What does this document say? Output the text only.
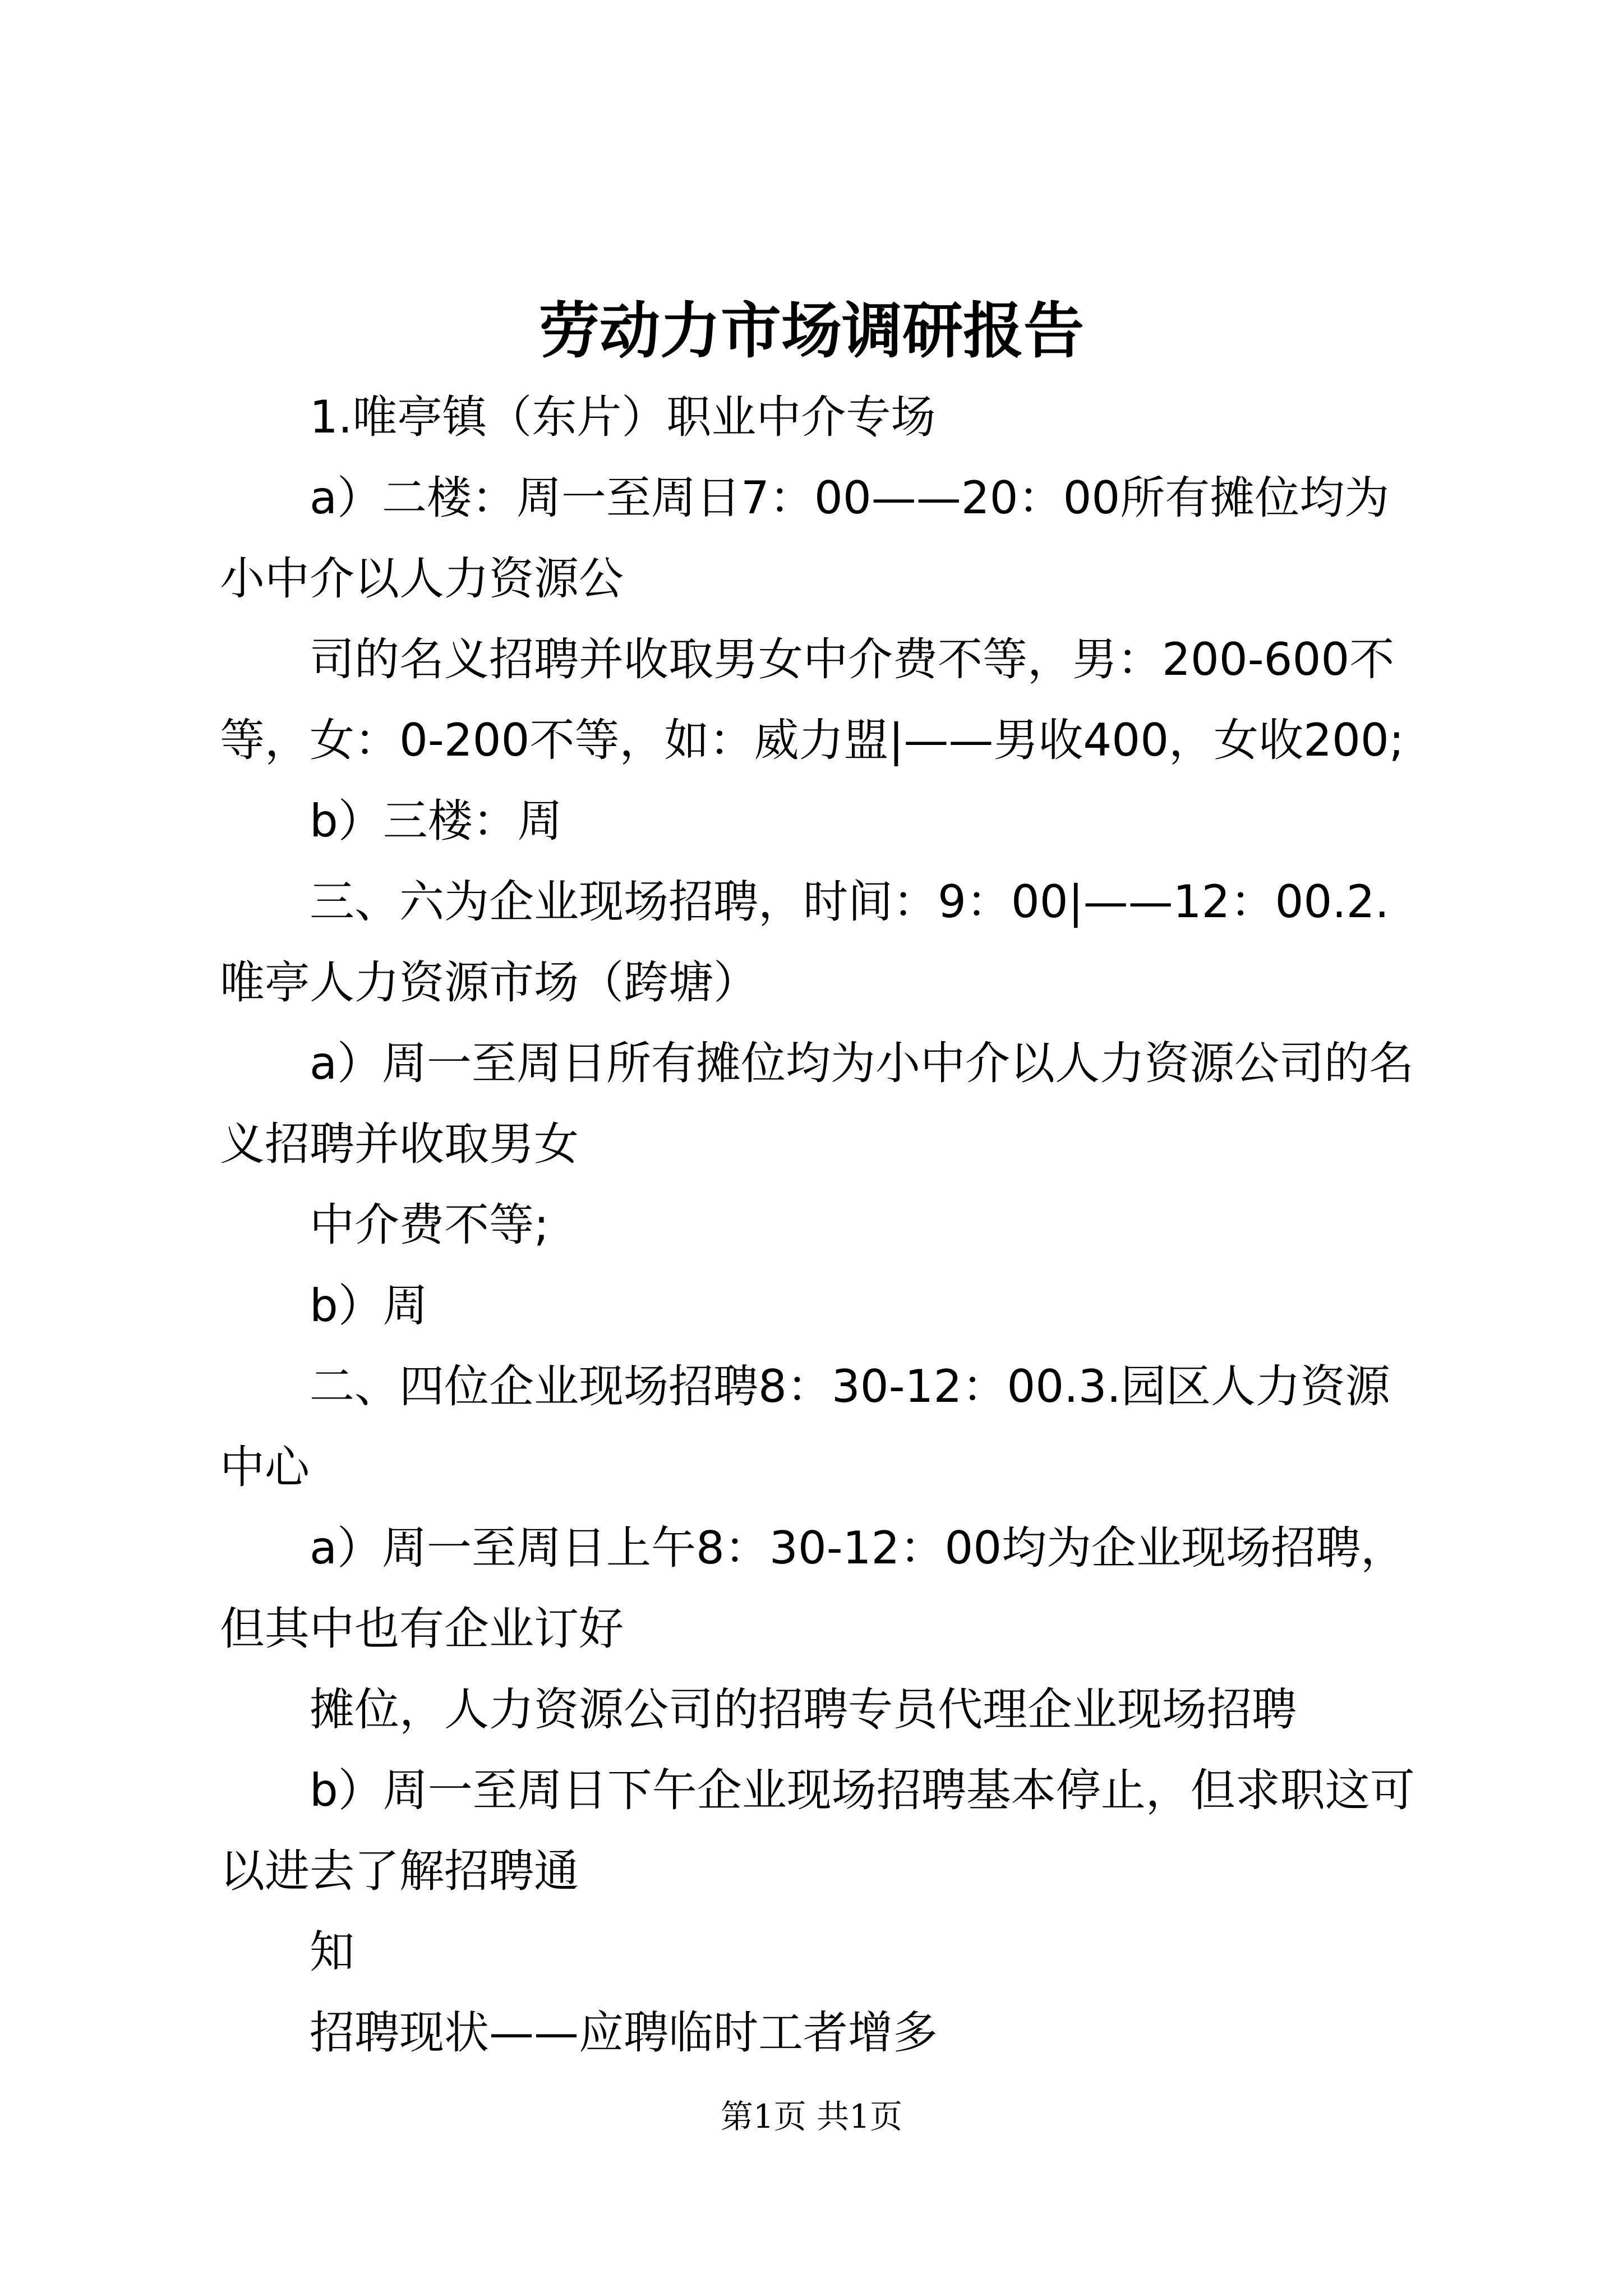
劳动力市场调研报告

1.唯亭镇（东片）职业中介专场

a）二楼：周一至周日7：00——20：00所有摊位均为小中介以人力资源公

司的名义招聘并收取男女中介费不等，男：200-600不等，女：0-200不等，如：威力盟|——男收400，女收200;

b）三楼：周

三、六为企业现场招聘，时间：9：00|——12：00.2.唯亭人力资源市场（跨塘）

a）周一至周日所有摊位均为小中介以人力资源公司的名义招聘并收取男女

中介费不等;

b）周

二、四位企业现场招聘8：30-12：00.3.园区人力资源中心

a）周一至周日上午8：30-12：00均为企业现场招聘，但其中也有企业订好

摊位，人力资源公司的招聘专员代理企业现场招聘

b）周一至周日下午企业现场招聘基本停止，但求职这可以进去了解招聘通

知

招聘现状——应聘临时工者增多

第1页 共1页
